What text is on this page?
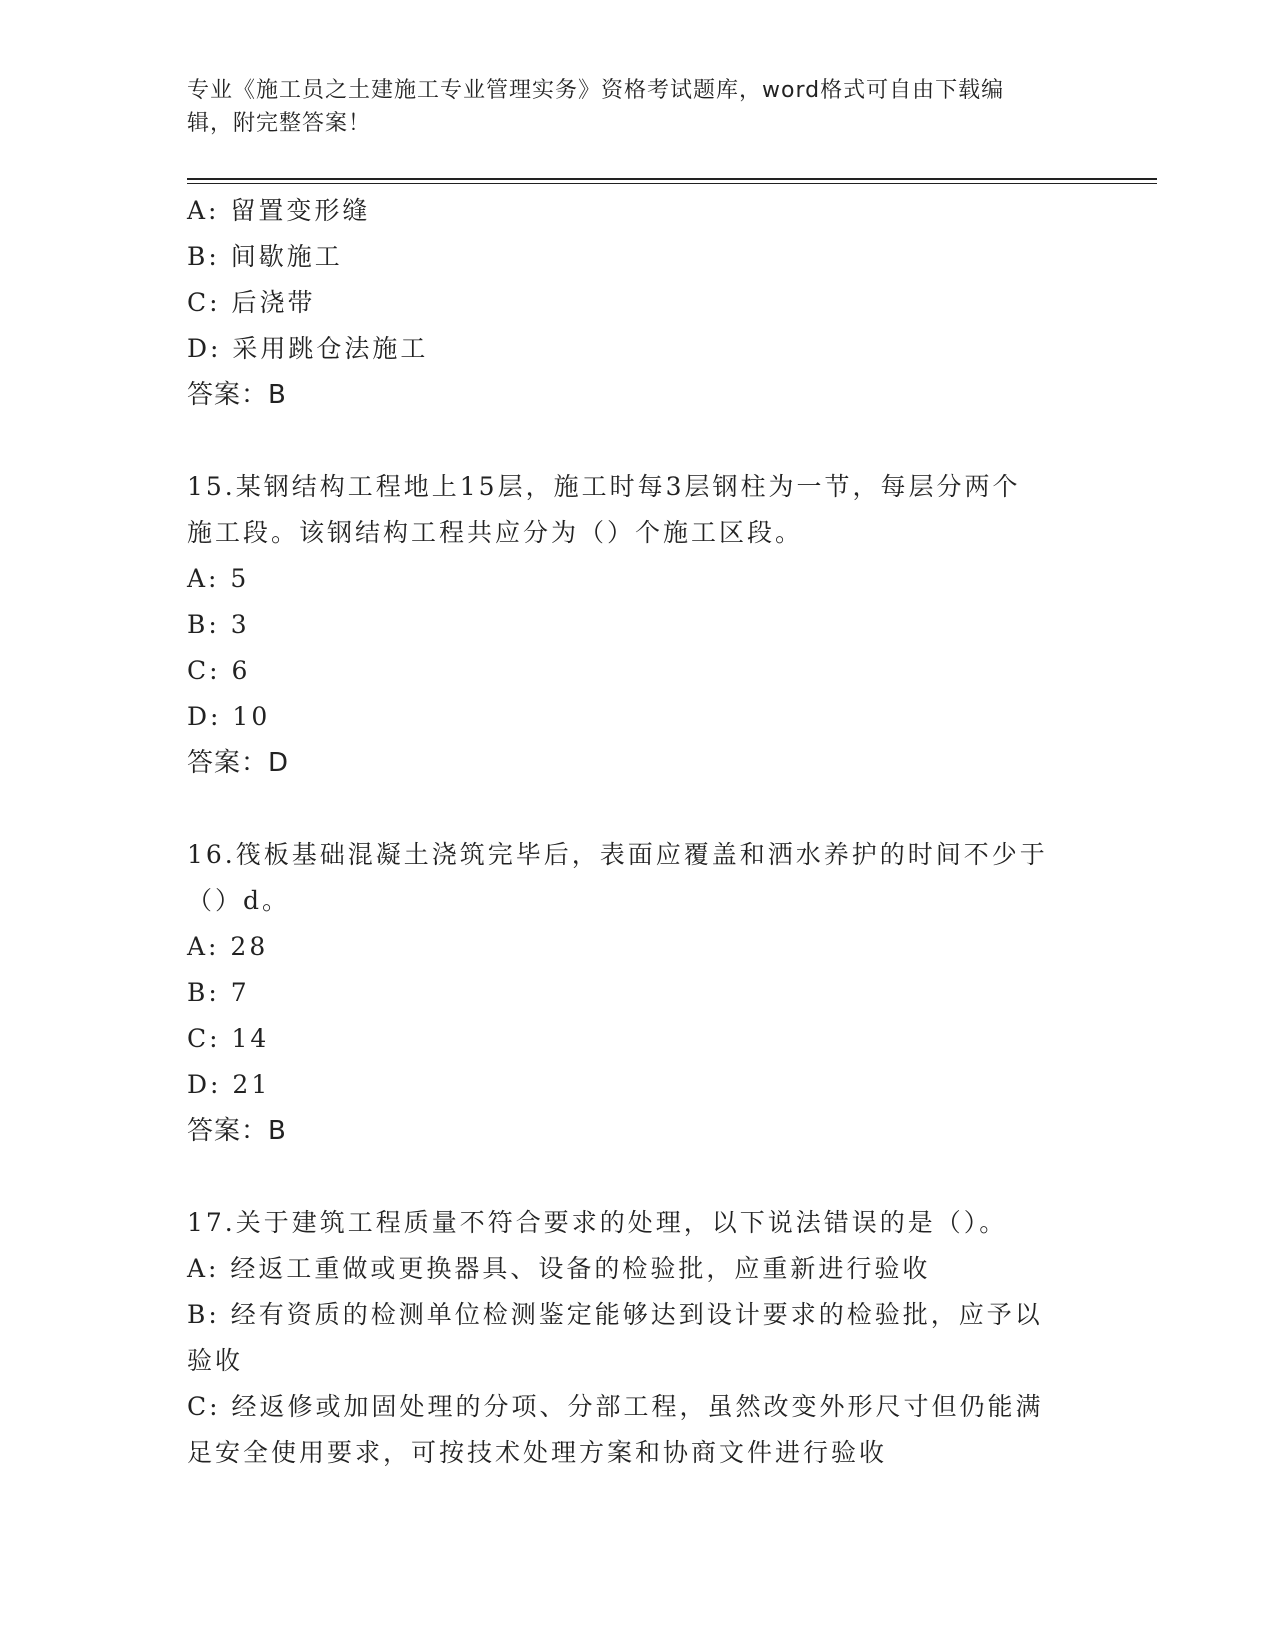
专业《施工员之土建施工专业管理实务》资格考试题库，word格式可自由下载编
辑，附完整答案！
A: 留置变形缝
B: 间歇施工
C: 后浇带
D: 采用跳仓法施工
答案：B
15.某钢结构工程地上15层，施工时每3层钢柱为一节，每层分两个
施工段。该钢结构工程共应分为（）个施工区段。
A: 5
B: 3
C: 6
D: 10
答案：D
16.筏板基础混凝土浇筑完毕后，表面应覆盖和洒水养护的时间不少于
（）d。
A: 28
B: 7
C: 14
D: 21
答案：B
17.关于建筑工程质量不符合要求的处理，以下说法错误的是（）。
A: 经返工重做或更换器具、设备的检验批，应重新进行验收
B: 经有资质的检测单位检测鉴定能够达到设计要求的检验批，应予以
验收
C: 经返修或加固处理的分项、分部工程，虽然改变外形尺寸但仍能满
足安全使用要求，可按技术处理方案和协商文件进行验收
